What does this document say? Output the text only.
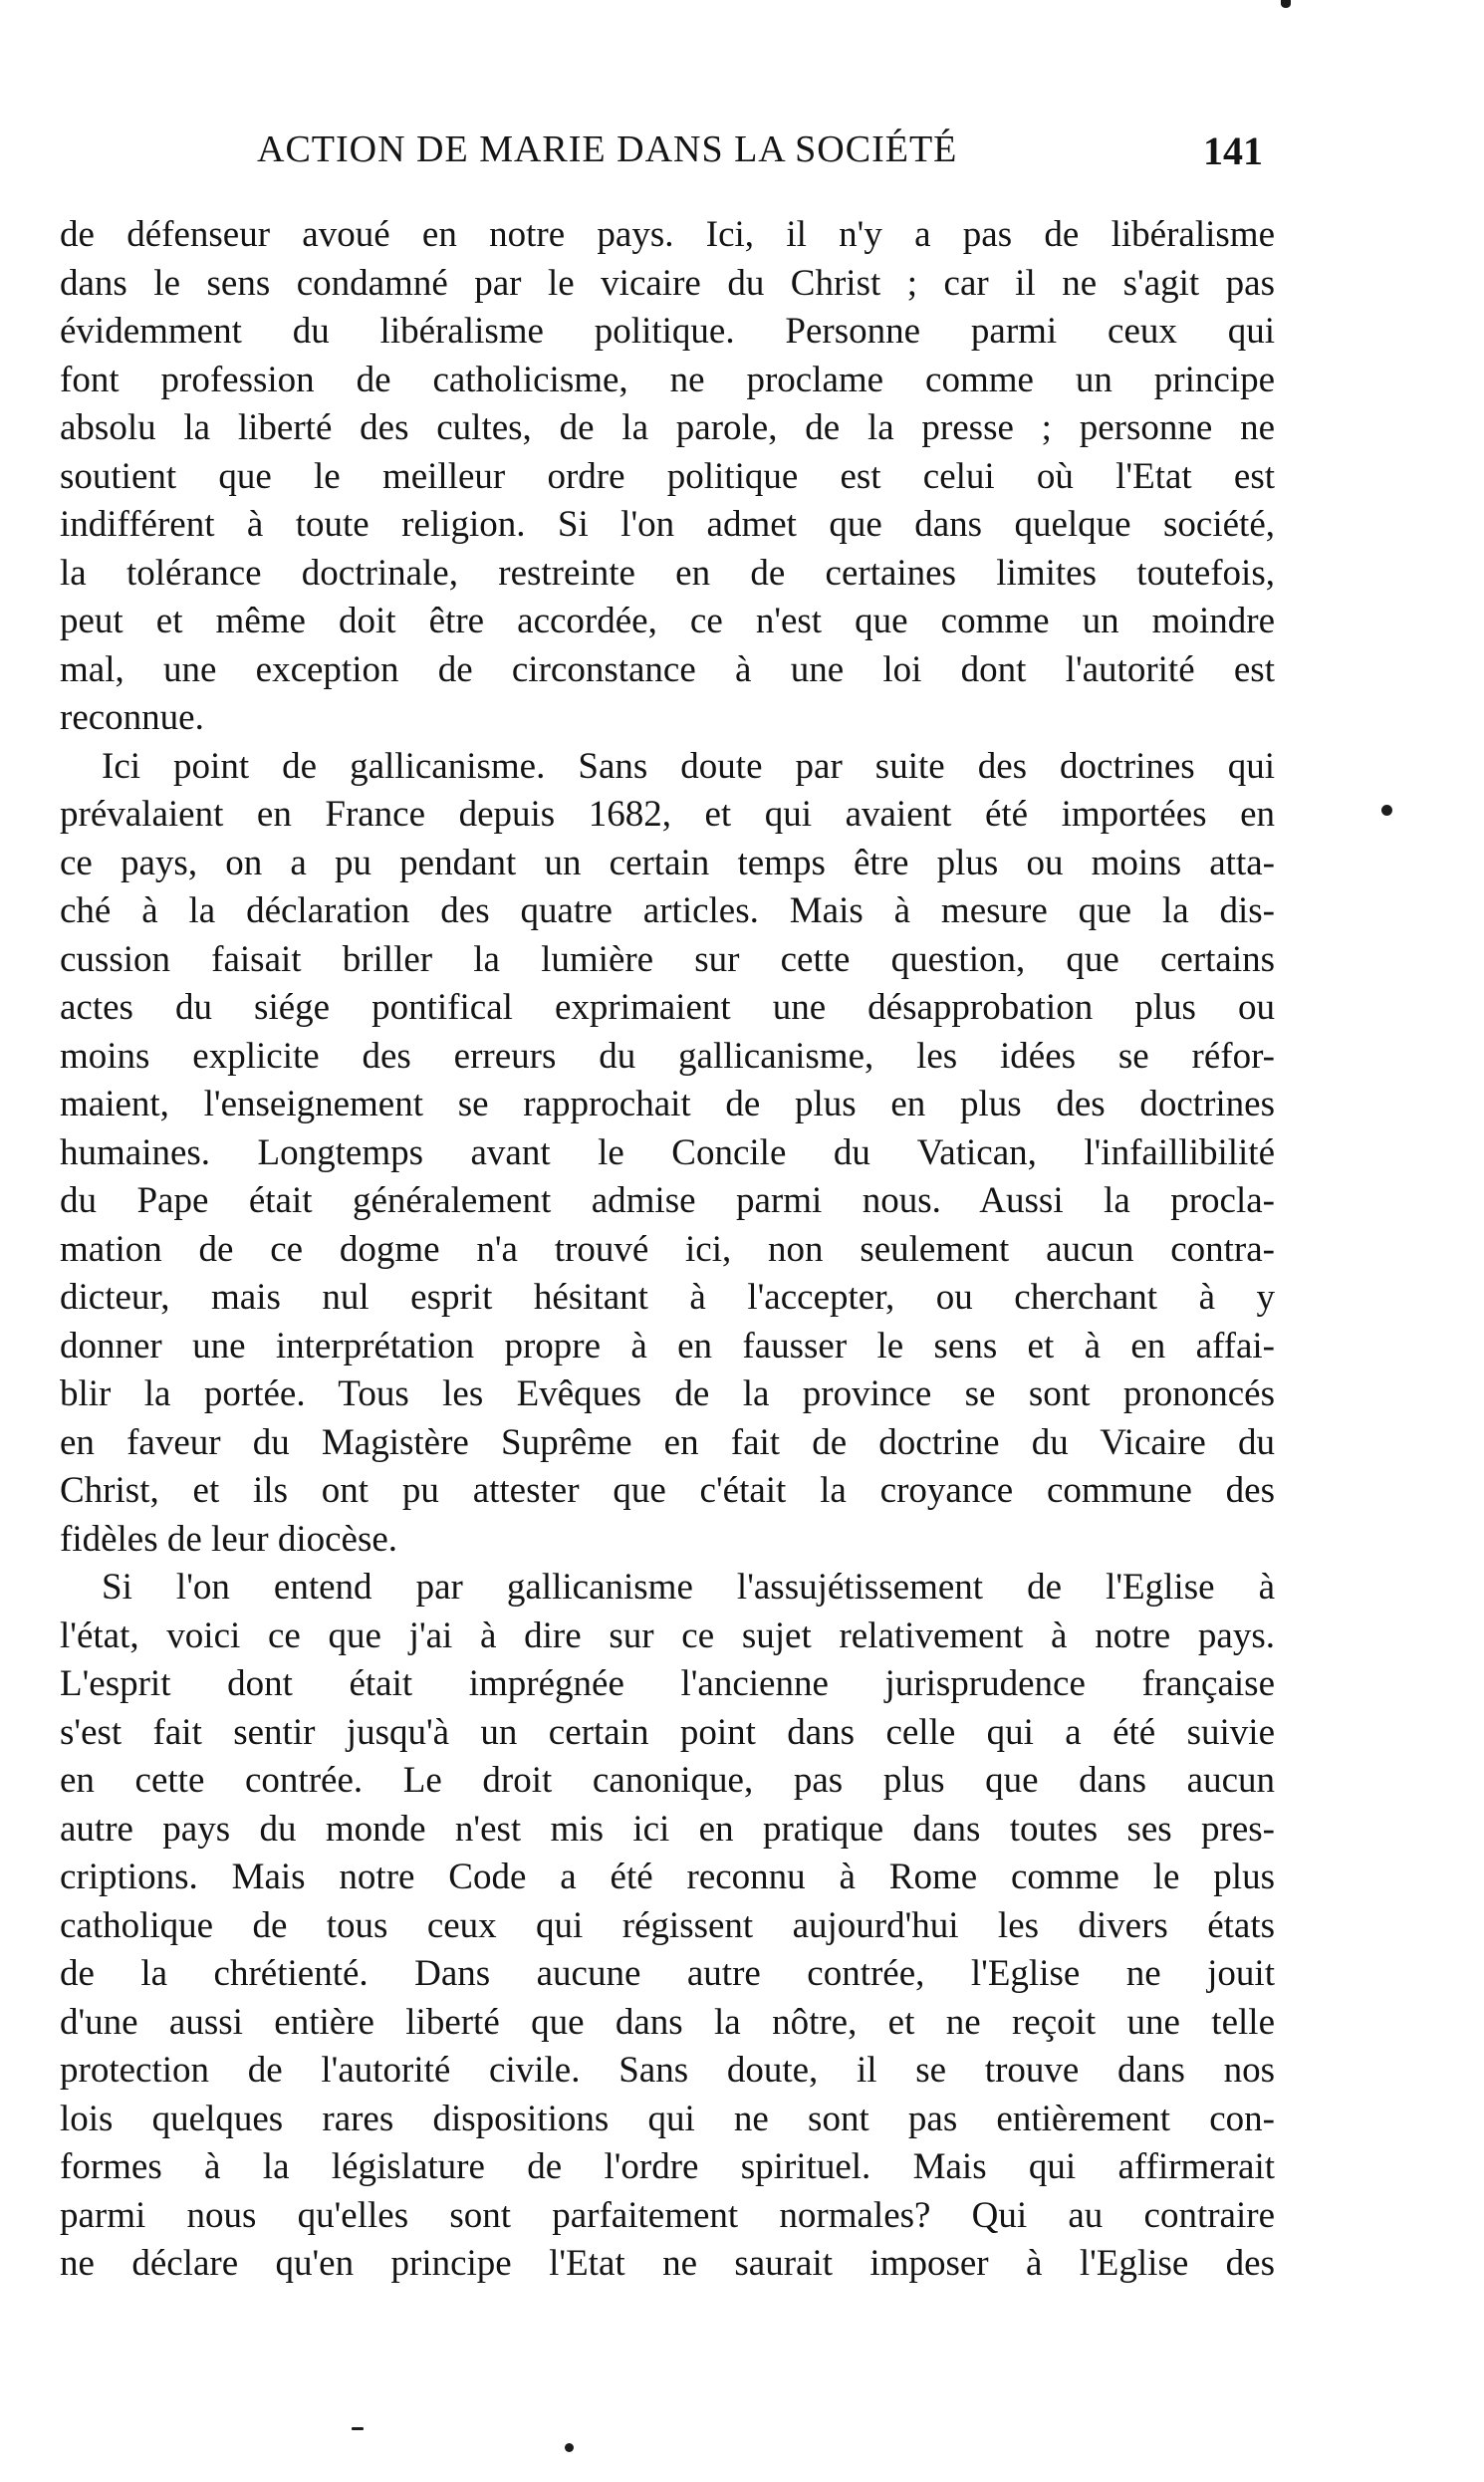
ACTION DE MARIE DANS LA SOCIÉTÉ	141
de défenseur avoué en notre pays. Ici, il n'y a pas de libéralisme
dans le sens condamné par le vicaire du Christ ; car il ne s'agit pas
évidemment du libéralisme politique. Personne parmi ceux qui
font profession de catholicisme, ne proclame comme un principe
absolu la liberté des cultes, de la parole, de la presse ; personne ne
soutient que le meilleur ordre politique est celui où l'Etat est
indifférent à toute religion. Si l'on admet que dans quelque société,
la tolérance doctrinale, restreinte en de certaines limites toutefois,
peut et même doit être accordée, ce n'est que comme un moindre
mal, une exception de circonstance à une loi dont l'autorité est
reconnue.
Ici point de gallicanisme. Sans doute par suite des doctrines qui
prévalaient en France depuis 1682, et qui avaient été importées en
ce pays, on a pu pendant un certain temps être plus ou moins atta-
ché à la déclaration des quatre articles. Mais à mesure que la dis-
cussion faisait briller la lumière sur cette question, que certains
actes du siége pontifical exprimaient une désapprobation plus ou
moins explicite des erreurs du gallicanisme, les idées se réfor-
maient, l'enseignement se rapprochait de plus en plus des doctrines
humaines. Longtemps avant le Concile du Vatican, l'infaillibilité
du Pape était généralement admise parmi nous. Aussi la procla-
mation de ce dogme n'a trouvé ici, non seulement aucun contra-
dicteur, mais nul esprit hésitant à l'accepter, ou cherchant à y
donner une interprétation propre à en fausser le sens et à en affai-
blir la portée. Tous les Evêques de la province se sont prononcés
en faveur du Magistère Suprême en fait de doctrine du Vicaire du
Christ, et ils ont pu attester que c'était la croyance commune des
fidèles de leur diocèse.
Si l'on entend par gallicanisme l'assujétissement de l'Eglise à
l'état, voici ce que j'ai à dire sur ce sujet relativement à notre pays.
L'esprit dont était imprégnée l'ancienne jurisprudence française
s'est fait sentir jusqu'à un certain point dans celle qui a été suivie
en cette contrée. Le droit canonique, pas plus que dans aucun
autre pays du monde n'est mis ici en pratique dans toutes ses pres-
criptions. Mais notre Code a été reconnu à Rome comme le plus
catholique de tous ceux qui régissent aujourd'hui les divers états
de la chrétienté. Dans aucune autre contrée, l'Eglise ne jouit
d'une aussi entière liberté que dans la nôtre, et ne reçoit une telle
protection de l'autorité civile. Sans doute, il se trouve dans nos
lois quelques rares dispositions qui ne sont pas entièrement con-
formes à la législature de l'ordre spirituel. Mais qui affirmerait
parmi nous qu'elles sont parfaitement normales? Qui au contraire
ne déclare qu'en principe l'Etat ne saurait imposer à l'Eglise des
